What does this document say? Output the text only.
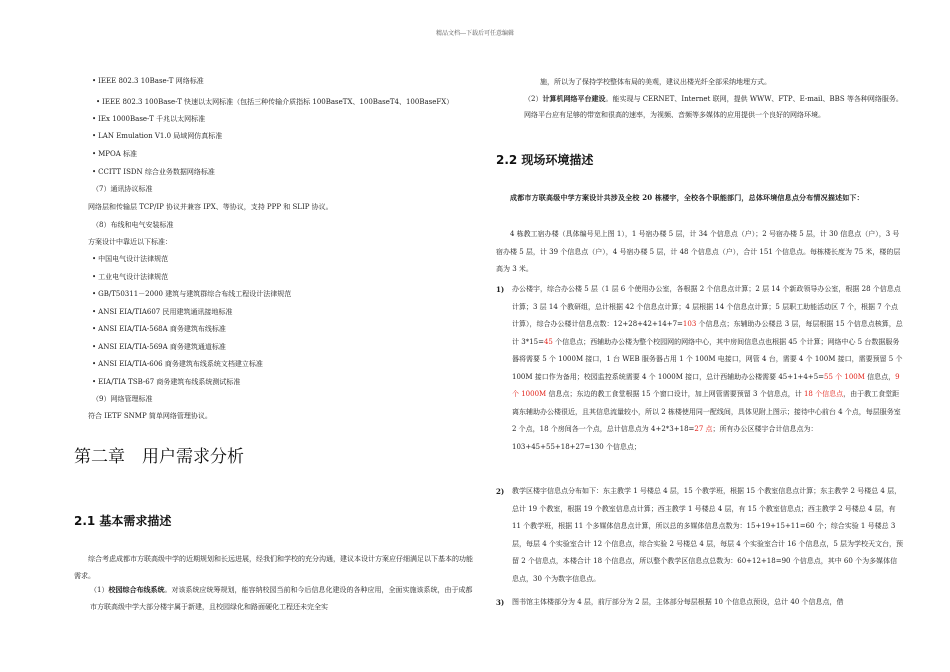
精品文档---下载后可任意编辑
• IEEE 802.3 10Base-T 网络标准
• IEEE 802.3 100Base-T 快速以太网标准（包括三种传输介质指标 100BaseTX、100BaseT4、100BaseFX）
• IEx 1000Base-T 千兆以太网标准
• LAN Emulation V1.0 局域网仿真标准
• MPOA 标准
• CCITT ISDN 综合业务数据网络标准
（7）通讯协议标准
网络层和传输层 TCP/IP 协议并兼容 IPX、等协议，支持 PPP 和 SLIP 协议。
（8）布线和电气安装标准
方案设计中靠近以下标准：
• 中国电气设计法律规范
• 工业电气设计法律规范
• GB/T50311－2000 建筑与建筑群综合布线工程设计法律规范
• ANSI EIA/TIA607 民用建筑通讯接地标准
• ANSI EIA/TIA-568A 商务建筑布线标准
• ANSI EIA/TIA-569A 商务建筑通道标准
• ANSI EIA/TIA-606 商务建筑布线系统文档建立标准
• EIA/TIA TSB-67 商务建筑布线系统测试标准
（9）网络管理标准
符合 IETF SNMP 简单网络管理协议。
第二章　用户需求分析
2.1 基本需求描述
综合考虑成都市方联高级中学的近期规划和长远进展，经我们和学校的充分沟通，建议本设计方案应仔细满足以下基本的功能需求。
（1）校园综合布线系统。对该系统应统筹规划，能容纳校园当前和今后信息化建设的各种应用，全面实施该系统，由于成都市方联高级中学大部分楼宇属于新建，且校园绿化和路面硬化工程还未完全实
施，所以为了保持学校整体布局的美观，建议出楼光纤全部采纳地埋方式。
（2）计算机网络平台建设。能实现与 CERNET、Internet 联网，提供 WWW、FTP、E-mail、BBS 等各种网络服务。网络平台应有足够的带宽和很高的速率，为视频、音频等多媒体的应用提供一个良好的网络环境。
2.2 现场环境描述
成都市方联高级中学方案设计共涉及全校 20 栋楼宇，全校各个职能部门，总体环境信息点分布情况描述如下：
4 栋教工宿办楼（具体编号见上图 1），1 号宿办楼 5 层，计 34 个信息点（户）；2 号宿办楼 5 层，计 30 信息点（户），3 号宿办楼 5 层，计 39 个信息点（户），4 号宿办楼 5 层，计 48 个信息点（户），合计 151 个信息点。每栋楼长度为 75 米，楼的层高为 3 米。
1) 办公楼宇，综合办公楼 5 层（1 层 6 个使用办公室，各根据 2 个信息点计算；2 层 14 个新政领导办公室，根据 28 个信息点计算；3 层 14 个教研组，总计根据 42 个信息点计算；4 层根据 14 个信息点计算；5 层职工助能活动区 7 个，根据 7 个点计算），综合办公楼计信息点数：12+28+42+14+7=103 个信息点；东辅助办公楼总 3 层，每层根据 15 个信息点核算，总计 3*15=45 个信息点；西辅助办公楼为整个校园网的网络中心，其中房间信息点也根据 45 个计算；网络中心 5 台数据服务器将需要 5 个 1000M 接口，1 台 WEB 服务器占用 1 个 100M 电接口，网管 4 台，需要 4 个 100M 接口，需要预留 5 个 100M 接口作为备用；校园监控系统需要 4 个 1000M 接口，总计西辅助办公楼需要 45+1+4+5=55 个 100M 信息点，9 个 1000M 信息点；东边的教工食堂根据 15 个窗口设计，加上网管需要预留 3 个信息点，计 18 个信息点，由于教工食堂距离东辅助办公楼很近，且其信息流量较小，所以 2 栋楼使用同一配线间，具体见附上图示；接待中心前台 4 个点，每层服务室 2 个点，18 个房间各一个点，总计信息点为 4+2*3+18=27 点；所有办公区楼宇合计信息点为：103+45+55+18+27=130 个信息点；
2) 教学区楼宇信息点分布如下：东主教学 1 号楼总 4 层，15 个教学班，根据 15 个教室信息点计算；东主教学 2 号楼总 4 层，总计 19 个教室，根据 19 个教室信息点计算；西主教学 1 号楼总 4 层，有 15 个教室信息点；西主教学 2 号楼总 4 层，有 11 个教学班，根据 11 个多媒体信息点计算，所以总的多媒体信息点数为：15+19+15+11=60 个；综合实验 1 号楼总 3 层，每层 4 个实验室合计 12 个信息点，综合实验 2 号楼总 4 层，每层 4 个实验室合计 16 个信息点，5 层为学校天文台，预留 2 个信息点，本楼合计 18 个信息点，所以整个教学区信息点总数为：60+12+18=90 个信息点，其中 60 个为多媒体信息点，30 个为数字信息点。
3) 图书馆主体楼部分为 4 层，前厅部分为 2 层，主体部分每层根据 10 个信息点预设，总计 40 个信息点，借
